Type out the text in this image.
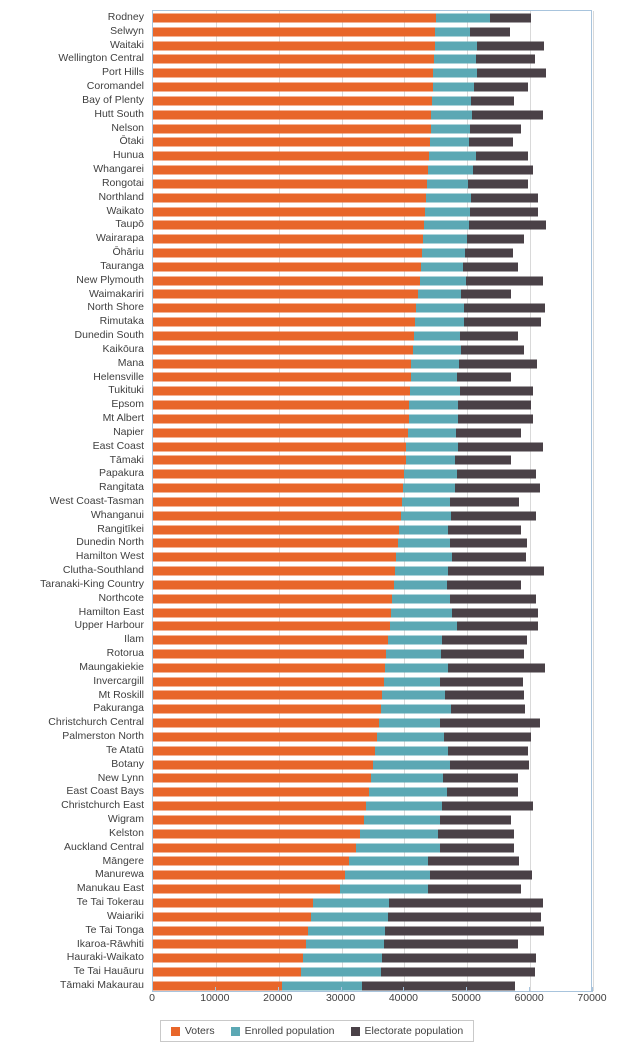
Rodney
Selwyn
Waitaki
Wellington Central
Port Hills
Coromandel
Bay of Plenty
Hutt South
Nelson
Ōtaki
Hunua
Whangarei
Rongotai
Northland
Waikato
Taupō
Wairarapa
Ōhāriu
Tauranga
New Plymouth
Waimakariri
North Shore
Rimutaka
Dunedin South
Kaikōura
Mana
Helensville
Tukituki
Epsom
Mt Albert
Napier
East Coast
Tāmaki
Papakura
Rangitata
West Coast-Tasman
Whanganui
Rangitīkei
Dunedin North
Hamilton West
Clutha-Southland
Taranaki-King Country
Northcote
Hamilton East
Upper Harbour
Ilam
Rotorua
Maungakiekie
Invercargill
Mt Roskill
Pakuranga
Christchurch Central
Palmerston North
Te Atatū
Botany
New Lynn
East Coast Bays
Christchurch East
Wigram
Kelston
Auckland Central
Māngere
Manurewa
Manukau East
Te Tai Tokerau
Waiariki
Te Tai Tonga
Ikaroa-Rāwhiti
Hauraki-Waikato
Te Tai Hauāuru
Tāmaki Makaurau
0	10000	20000	30000	40000	50000	60000	70000
Voters	Enrolled population	Electorate population
